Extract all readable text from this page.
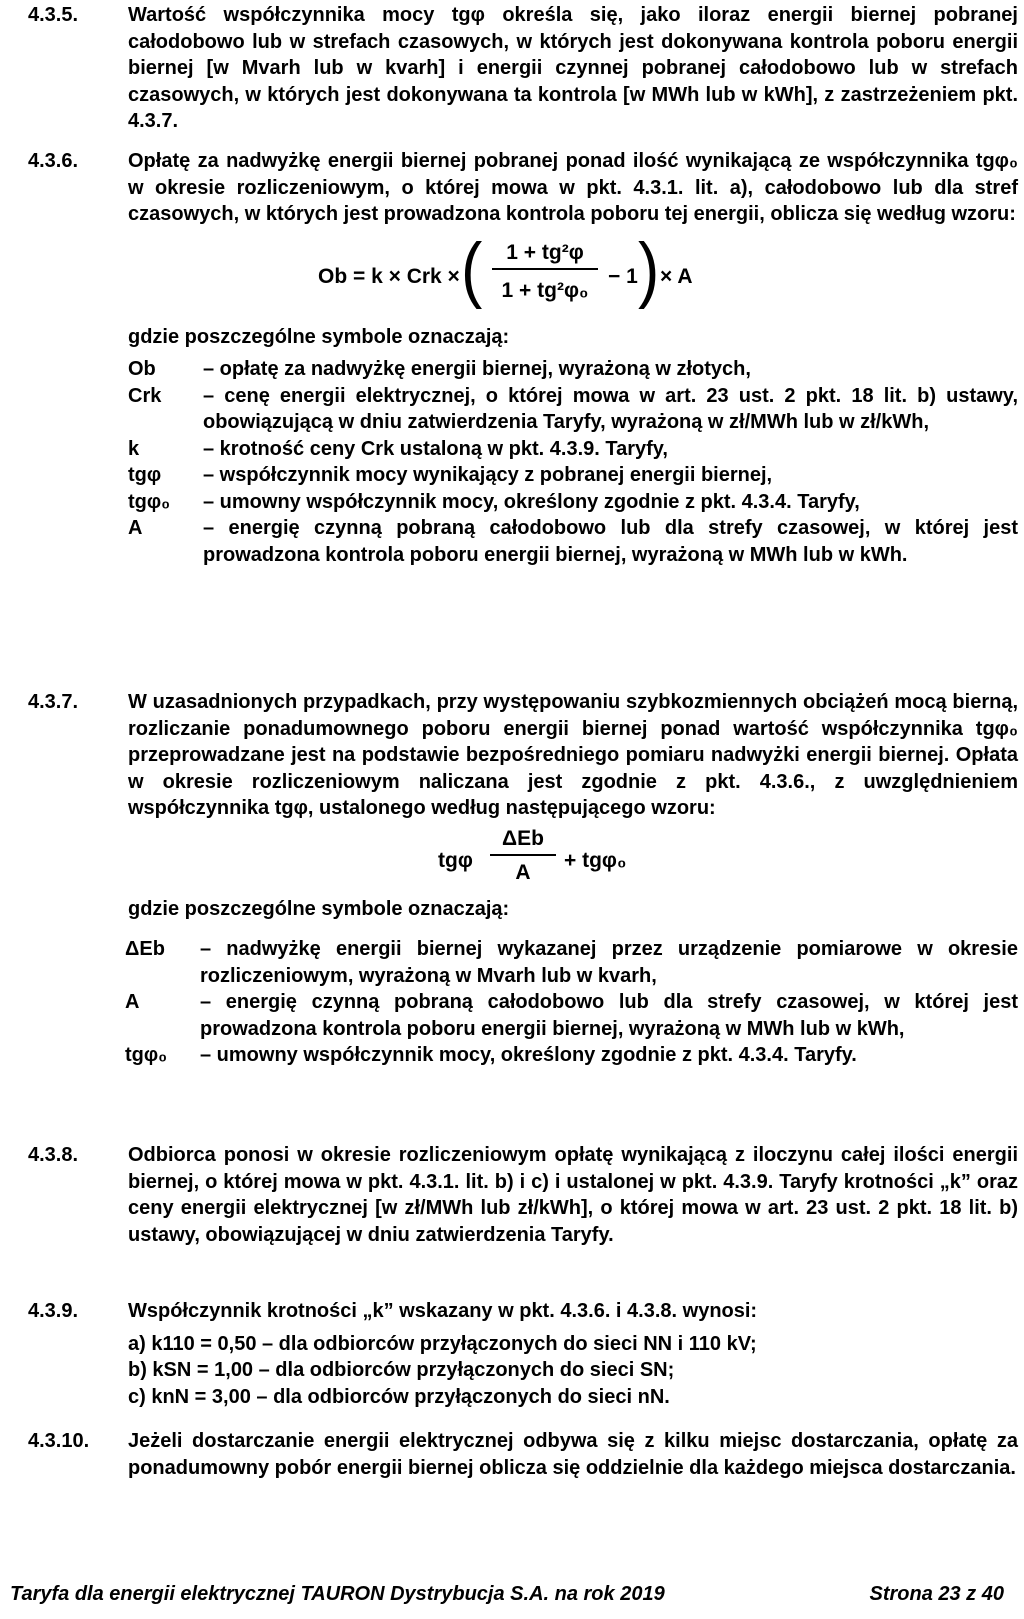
4.3.5. Wartość współczynnika mocy tgφ określa się, jako iloraz energii biernej pobranej całodobowo lub w strefach czasowych, w których jest dokonywana kontrola poboru energii biernej [w Mvarh lub w kvarh] i energii czynnej pobranej całodobowo lub w strefach czasowych, w których jest dokonywana ta kontrola [w MWh lub w kWh], z zastrzeżeniem pkt. 4.3.7.

4.3.6. Opłatę za nadwyżkę energii biernej pobranej ponad ilość wynikającą ze współczynnika tgφ₀ w okresie rozliczeniowym, o której mowa w pkt. 4.3.1. lit. a), całodobowo lub dla stref czasowych, w których jest prowadzona kontrola poboru tej energii, oblicza się według wzoru:

Ob = k × Crk × (	1 + tg²φ
1 + tg²φ₀
− 1 ) × A

gdzie poszczególne symbole oznaczają:

Ob – opłatę za nadwyżkę energii biernej, wyrażoną w złotych,
Crk – cenę energii elektrycznej, o której mowa w art. 23 ust. 2 pkt. 18 lit. b) ustawy, obowiązującą w dniu zatwierdzenia Taryfy, wyrażoną w zł/MWh lub w zł/kWh,
k	– krotność ceny Crk ustaloną w pkt. 4.3.9. Taryfy,
tgφ – współczynnik mocy wynikający z pobranej energii biernej,
tgφ₀ – umowny współczynnik mocy, określony zgodnie z pkt. 4.3.4. Taryfy,
A	– energię czynną pobraną całodobowo lub dla strefy czasowej, w której jest prowadzona kontrola poboru energii biernej, wyrażoną w MWh lub w kWh.
4.3.7. W uzasadnionych przypadkach, przy występowaniu szybkozmiennych obciążeń mocą bierną, rozliczanie ponadumownego poboru energii biernej ponad wartość współczynnika tgφ₀ przeprowadzane jest na podstawie bezpośredniego pomiaru nadwyżki energii biernej. Opłata w okresie rozliczeniowym naliczana jest zgodnie z pkt. 4.3.6., z uwzględnieniem współczynnika tgφ, ustalonego według następującego wzoru:

tgφ
ΔEb
A
+ tgφ₀

gdzie poszczególne symbole oznaczają:

ΔEb – nadwyżkę energii biernej wykazanej przez urządzenie pomiarowe w okresie rozliczeniowym, wyrażoną w Mvarh lub w kvarh,
A	– energię czynną pobraną całodobowo lub dla strefy czasowej, w której jest prowadzona kontrola poboru energii biernej, wyrażoną w MWh lub w kWh,
tgφ₀ – umowny współczynnik mocy, określony zgodnie z pkt. 4.3.4. Taryfy.
4.3.8. Odbiorca ponosi w okresie rozliczeniowym opłatę wynikającą z iloczynu całej ilości energii biernej, o której mowa w pkt. 4.3.1. lit. b) i c) i ustalonej w pkt. 4.3.9. Taryfy krotności „k” oraz ceny energii elektrycznej [w zł/MWh lub zł/kWh], o której mowa w art. 23 ust. 2 pkt. 18 lit. b) ustawy, obowiązującej w dniu zatwierdzenia Taryfy.

4.3.9. Współczynnik krotności „k” wskazany w pkt. 4.3.6. i 4.3.8. wynosi:

a) k110 = 0,50 – dla odbiorców przyłączonych do sieci NN i 110 kV;
b) kSN = 1,00 – dla odbiorców przyłączonych do sieci SN;
c) knN = 3,00 – dla odbiorców przyłączonych do sieci nN.
4.3.10. Jeżeli dostarczanie energii elektrycznej odbywa się z kilku miejsc dostarczania, opłatę za ponadumowny pobór energii biernej oblicza się oddzielnie dla każdego miejsca dostarczania.

Taryfa dla energii elektrycznej TAURON Dystrybucja S.A. na rok 2019	Strona 23 z 40
